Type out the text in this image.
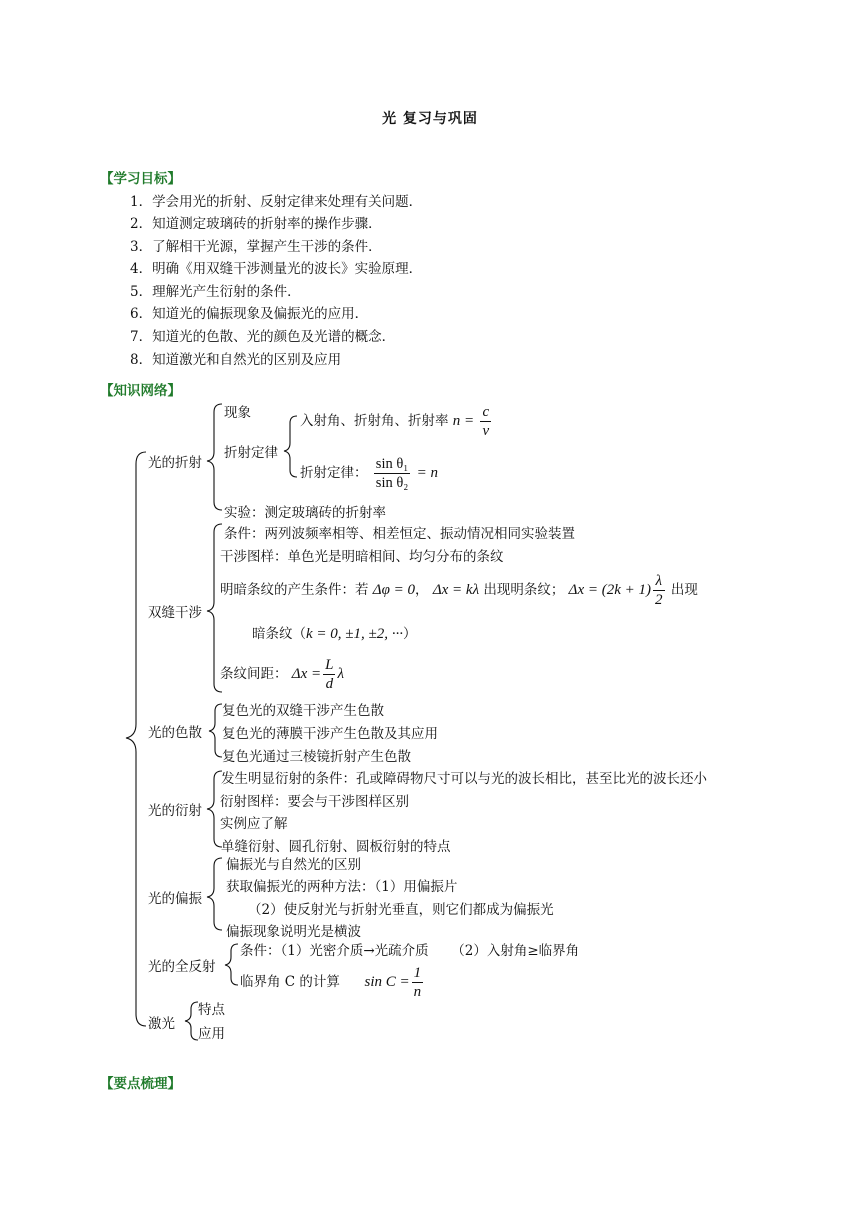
光 复习与巩固
【学习目标】
1．学会用光的折射、反射定律来处理有关问题．
2．知道测定玻璃砖的折射率的操作步骤．
3．了解相干光源，掌握产生干涉的条件．
4．明确《用双缝干涉测量光的波长》实验原理．
5．理解光产生衍射的条件．
6．知道光的偏振现象及偏振光的应用．
7．知道光的色散、光的颜色及光谱的概念．
8．知道激光和自然光的区别及应用
【知识网络】
光的折射
现象
折射定律
入射角、折射角、折射率 $n = \frac{c}{v}$
折射定律： $\frac{\text{sin θ₁}}{\text{sin θ₂}} = n$
实验：测定玻璃砖的折射率
双缝干涉
条件：两列波频率相等、相差恒定、振动情况相同实验装置
干涉图样：单色光是明暗相间、均匀分布的条纹
明暗条纹的产生条件：若 Δφ = 0， Δx = kλ 出现明条纹； $\Delta x = (2k + 1) \frac{\lambda}{2}$ 出现
暗条纹（k = 0, ±1, ±2, ···）
条纹间距： $\Delta x = \frac{L}{d}$ λ
光的色散
复色光的双缝干涉产生色散
复色光的薄膜干涉产生色散及其应用
复色光通过三棱镜折射产生色散
光的衍射
发生明显衍射的条件：孔或障碍物尺寸可以与光的波长相比，甚至比光的波长还小
衍射图样：要会与干涉图样区别
实例应了解
单缝衍射、圆孔衍射、圆板衍射的特点
光的偏振
偏振光与自然光的区别
获取偏振光的两种方法：（1）用偏振片
（2）使反射光与折射光垂直，则它们都成为偏振光
偏振现象说明光是横波
光的全反射
条件：（1）光密介质→光疏介质 （2）入射角≥临界角
临界角 C 的计算 $\sin C = \frac{1}{n}$
激光
特点
应用
【要点梳理】
